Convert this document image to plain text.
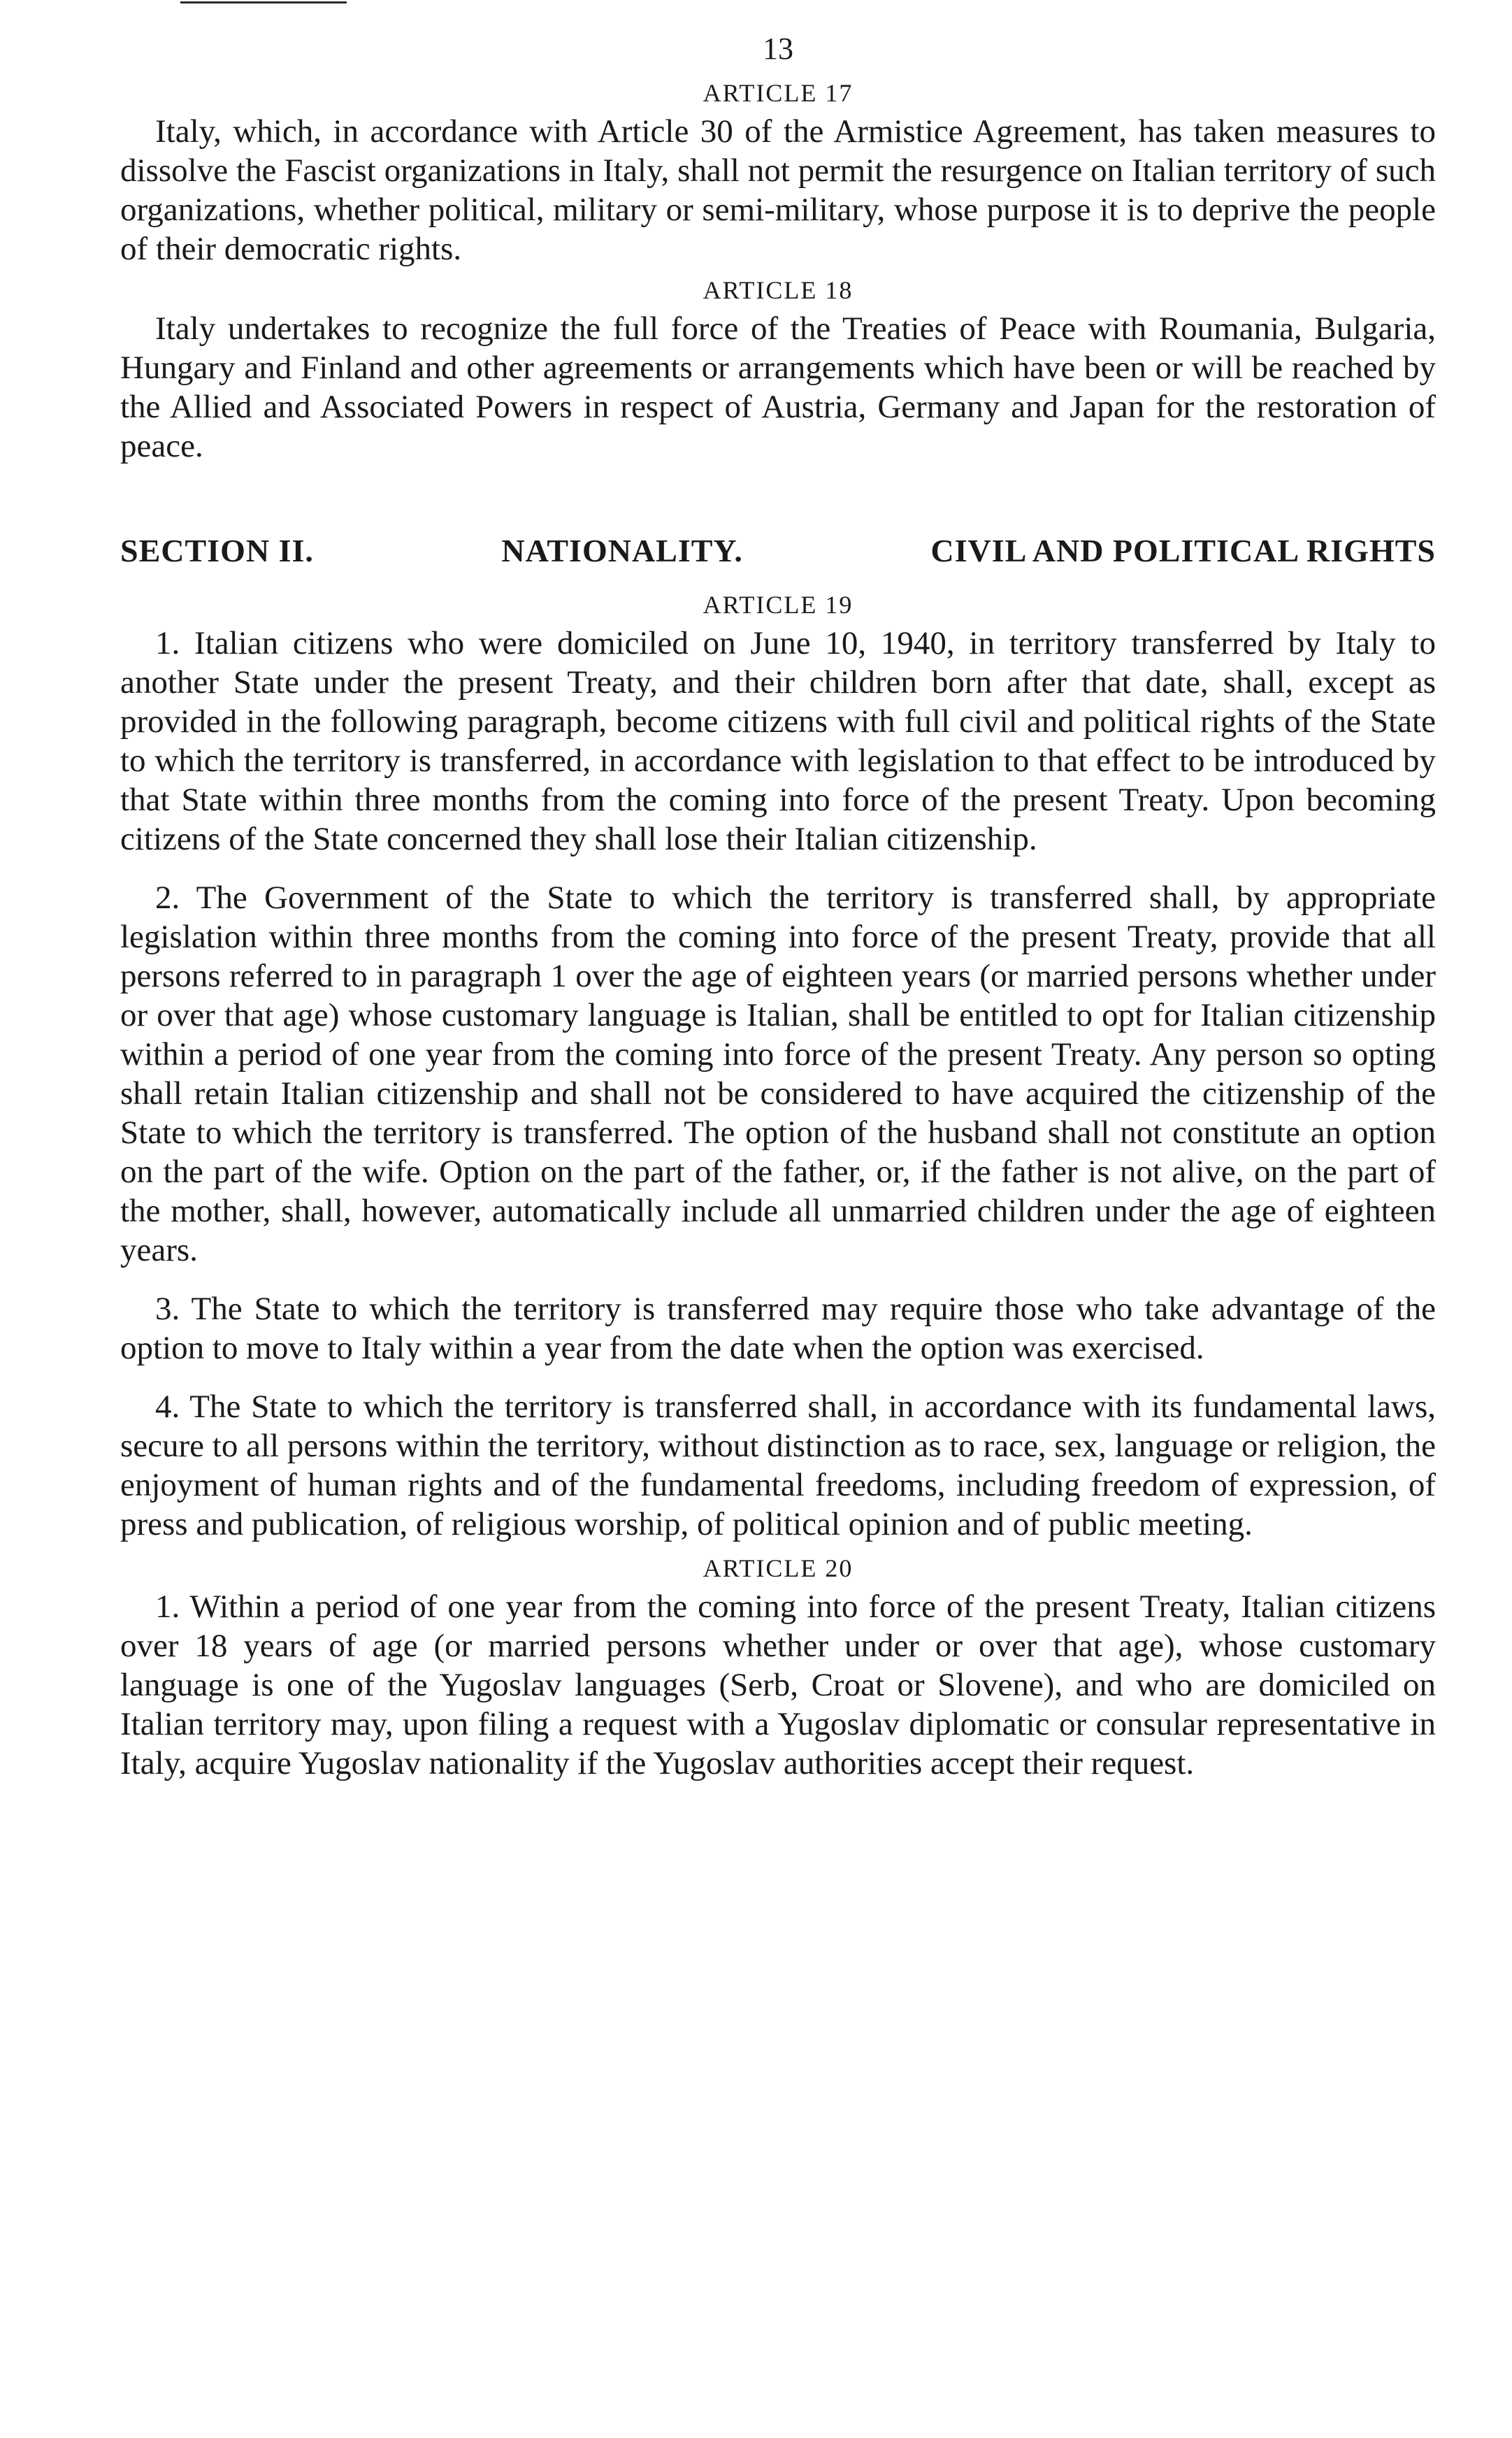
13
ARTICLE 17

Italy, which, in accordance with Article 30 of the Armistice Agreement, has taken measures to dissolve the Fascist organizations in Italy, shall not permit the resurgence on Italian territory of such organizations, whether political, military or semi-military, whose purpose it is to deprive the people of their democratic rights.

ARTICLE 18

Italy undertakes to recognize the full force of the Treaties of Peace with Roumania, Bulgaria, Hungary and Finland and other agreements or arrangements which have been or will be reached by the Allied and Associated Powers in respect of Austria, Germany and Japan for the restoration of peace.

SECTION II.	NATIONALITY.	CIVIL AND POLITICAL RIGHTS
ARTICLE 19

1. Italian citizens who were domiciled on June 10, 1940, in territory transferred by Italy to another State under the present Treaty, and their children born after that date, shall, except as provided in the following paragraph, become citizens with full civil and political rights of the State to which the territory is transferred, in accordance with legislation to that effect to be introduced by that State within three months from the coming into force of the present Treaty. Upon becoming citizens of the State concerned they shall lose their Italian citizenship.

2. The Government of the State to which the territory is transferred shall, by appropriate legislation within three months from the coming into force of the present Treaty, provide that all persons referred to in paragraph 1 over the age of eighteen years (or married persons whether under or over that age) whose customary language is Italian, shall be entitled to opt for Italian citizenship within a period of one year from the coming into force of the present Treaty. Any person so opting shall retain Italian citizenship and shall not be considered to have acquired the citizenship of the State to which the territory is transferred. The option of the husband shall not constitute an option on the part of the wife. Option on the part of the father, or, if the father is not alive, on the part of the mother, shall, however, automatically include all unmarried children under the age of eighteen years.

3. The State to which the territory is transferred may require those who take advantage of the option to move to Italy within a year from the date when the option was exercised.

4. The State to which the territory is transferred shall, in accordance with its fundamental laws, secure to all persons within the territory, without distinction as to race, sex, language or religion, the enjoyment of human rights and of the fundamental freedoms, including freedom of expression, of press and publication, of religious worship, of political opinion and of public meeting.

ARTICLE 20

1. Within a period of one year from the coming into force of the present Treaty, Italian citizens over 18 years of age (or married persons whether under or over that age), whose customary language is one of the Yugoslav languages (Serb, Croat or Slovene), and who are domiciled on Italian territory may, upon filing a request with a Yugoslav diplomatic or consular representative in Italy, acquire Yugoslav nationality if the Yugoslav authorities accept their request.
